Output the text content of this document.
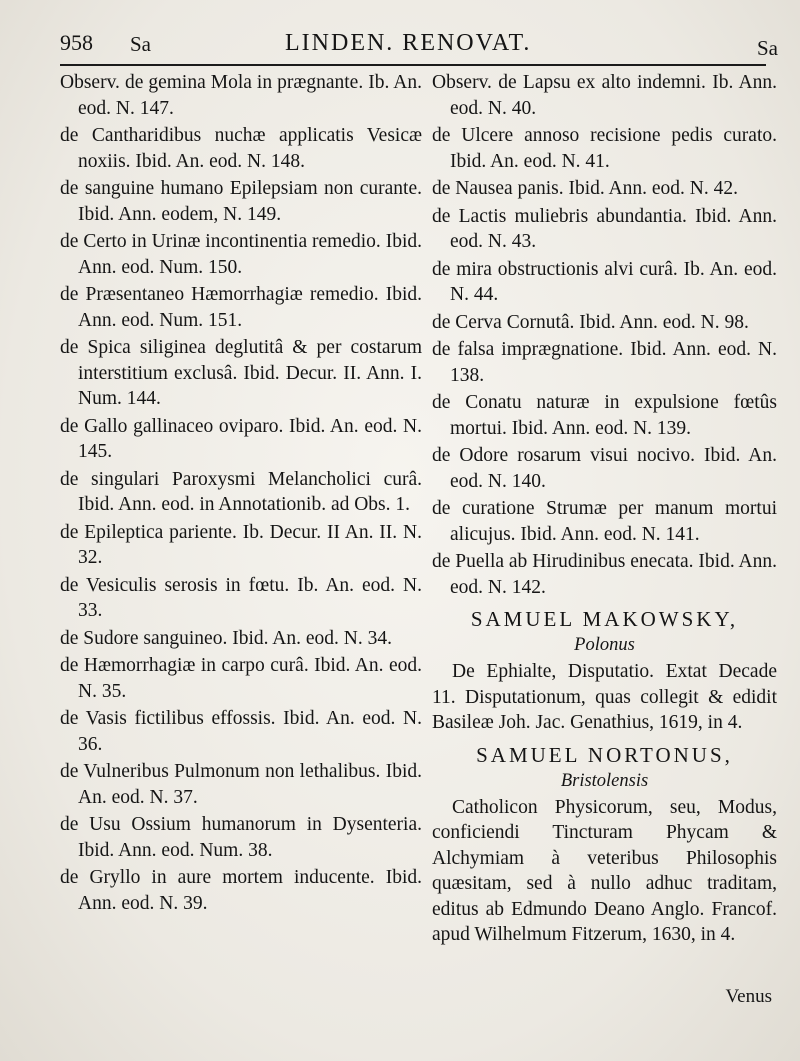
958 Sa	LINDEN. RENOVAT.	Sa

Observ. de gemina Mola in prægnante. Ib. An. eod. N. 147.

de Cantharidibus nuchæ applicatis Vesicæ noxiis. Ibid. An. eod. N. 148.

de sanguine humano Epilepsiam non curante. Ibid. Ann. eodem, N. 149.

de Certo in Urinæ incontinentia remedio. Ibid. Ann. eod. Num. 150.

de Præsentaneo Hæmorrhagiæ remedio. Ibid. Ann. eod. Num. 151.

de Spica siliginea deglutitâ & per costarum interstitium exclusâ. Ibid. Decur. II. Ann. I. Num. 144.

de Gallo gallinaceo oviparo. Ibid. An. eod. N. 145.

de singulari Paroxysmi Melancholici curâ. Ibid. Ann. eod. in Annotationib. ad Obs. 1.

de Epileptica pariente. Ib. Decur. II An. II. N. 32.

de Vesiculis serosis in fœtu. Ib. An. eod. N. 33.

de Sudore sanguineo. Ibid. An. eod. N. 34.

de Hæmorrhagiæ in carpo curâ. Ibid. An. eod. N. 35.

de Vasis fictilibus effossis. Ibid. An. eod. N. 36.

de Vulneribus Pulmonum non lethalibus. Ibid. An. eod. N. 37.

de Usu Ossium humanorum in Dysenteria. Ibid. Ann. eod. Num. 38.

de Gryllo in aure mortem inducente. Ibid. Ann. eod. N. 39.

Observ. de Lapsu ex alto indemni. Ib. Ann. eod. N. 40.

de Ulcere annoso recisione pedis curato. Ibid. An. eod. N. 41.

de Nausea panis. Ibid. Ann. eod. N. 42.

de Lactis muliebris abundantia. Ibid. Ann. eod. N. 43.

de mira obstructionis alvi curâ. Ib. An. eod. N. 44.

de Cerva Cornutâ. Ibid. Ann. eod. N. 98.

de falsa imprægnatione. Ibid. Ann. eod. N. 138.

de Conatu naturæ in expulsione fœtûs mortui. Ibid. Ann. eod. N. 139.

de Odore rosarum visui nocivo. Ibid. An. eod. N. 140.

de curatione Strumæ per manum mortui alicujus. Ibid. Ann. eod. N. 141.

de Puella ab Hirudinibus enecata. Ibid. Ann. eod. N. 142.

SAMUEL MAKOWSKY,
Polonus

De Ephialte, Disputatio. Extat Decade 11. Disputationum, quas collegit & edidit Basileæ Joh. Jac. Genathius, 1619, in 4.

SAMUEL NORTONUS,
Bristolensis

Catholicon Physicorum, seu, Modus, conficiendi Tincturam Phycam & Alchymiam à veteribus Philosophis quæsitam, sed à nullo adhuc traditam, editus ab Edmundo Deano Anglo. Francof. apud Wilhelmum Fitzerum, 1630, in 4.

Venus
